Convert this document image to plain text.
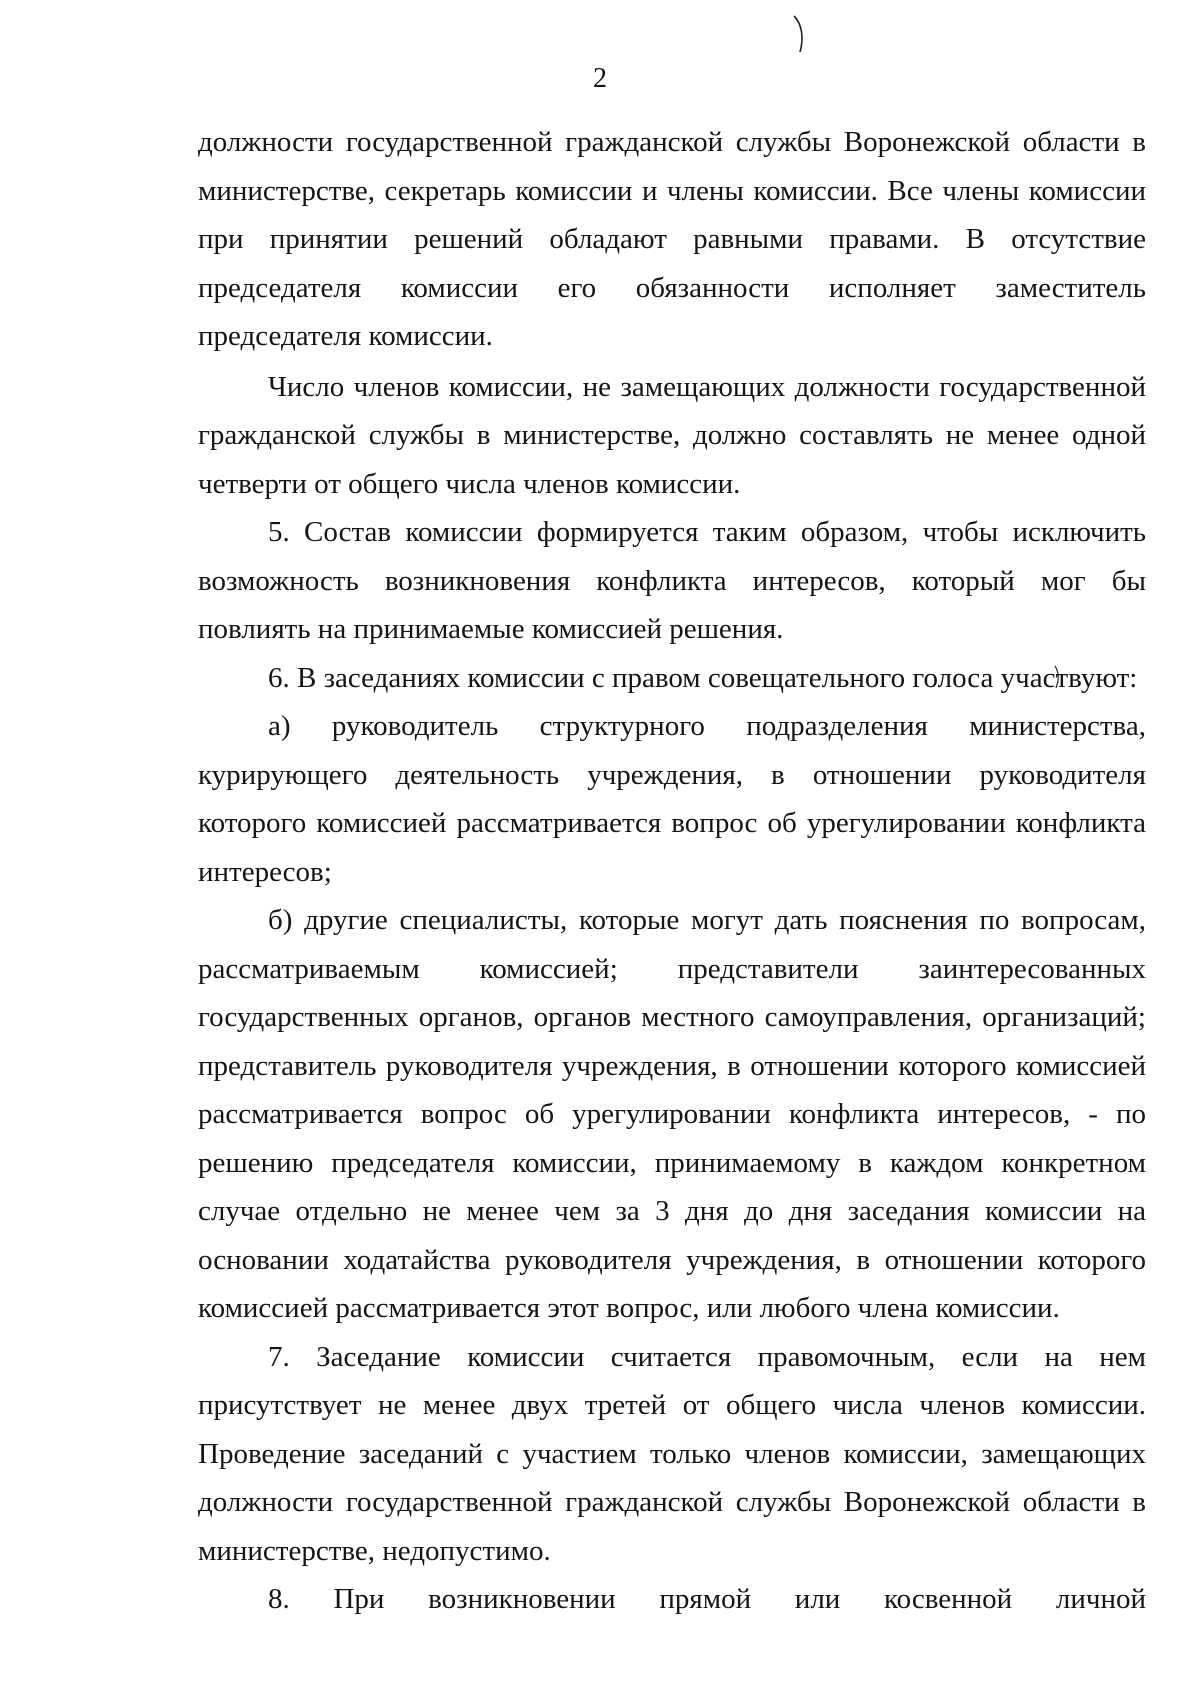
2

должности государственной гражданской службы Воронежской области в министерстве, секретарь комиссии и члены комиссии. Все члены комиссии при принятии решений обладают равными правами. В отсутствие председателя комиссии его обязанности исполняет заместитель председателя комиссии.

Число членов комиссии, не замещающих должности государственной гражданской службы в министерстве, должно составлять не менее одной четверти от общего числа членов комиссии.

5. Состав комиссии формируется таким образом, чтобы исключить возможность возникновения конфликта интересов, который мог бы повлиять на принимаемые комиссией решения.

6. В заседаниях комиссии с правом совещательного голоса участвуют:

а) руководитель структурного подразделения министерства, курирующего деятельность учреждения, в отношении руководителя которого комиссией рассматривается вопрос об урегулировании конфликта интересов;

б) другие специалисты, которые могут дать пояснения по вопросам, рассматриваемым комиссией; представители заинтересованных государственных органов, органов местного самоуправления, организаций; представитель руководителя учреждения, в отношении которого комиссией рассматривается вопрос об урегулировании конфликта интересов, - по решению председателя комиссии, принимаемому в каждом конкретном случае отдельно не менее чем за 3 дня до дня заседания комиссии на основании ходатайства руководителя учреждения, в отношении которого комиссией рассматривается этот вопрос, или любого члена комиссии.

7. Заседание комиссии считается правомочным, если на нем присутствует не менее двух третей от общего числа членов комиссии. Проведение заседаний с участием только членов комиссии, замещающих должности государственной гражданской службы Воронежской области в министерстве, недопустимо.

8. При возникновении прямой или косвенной личной
